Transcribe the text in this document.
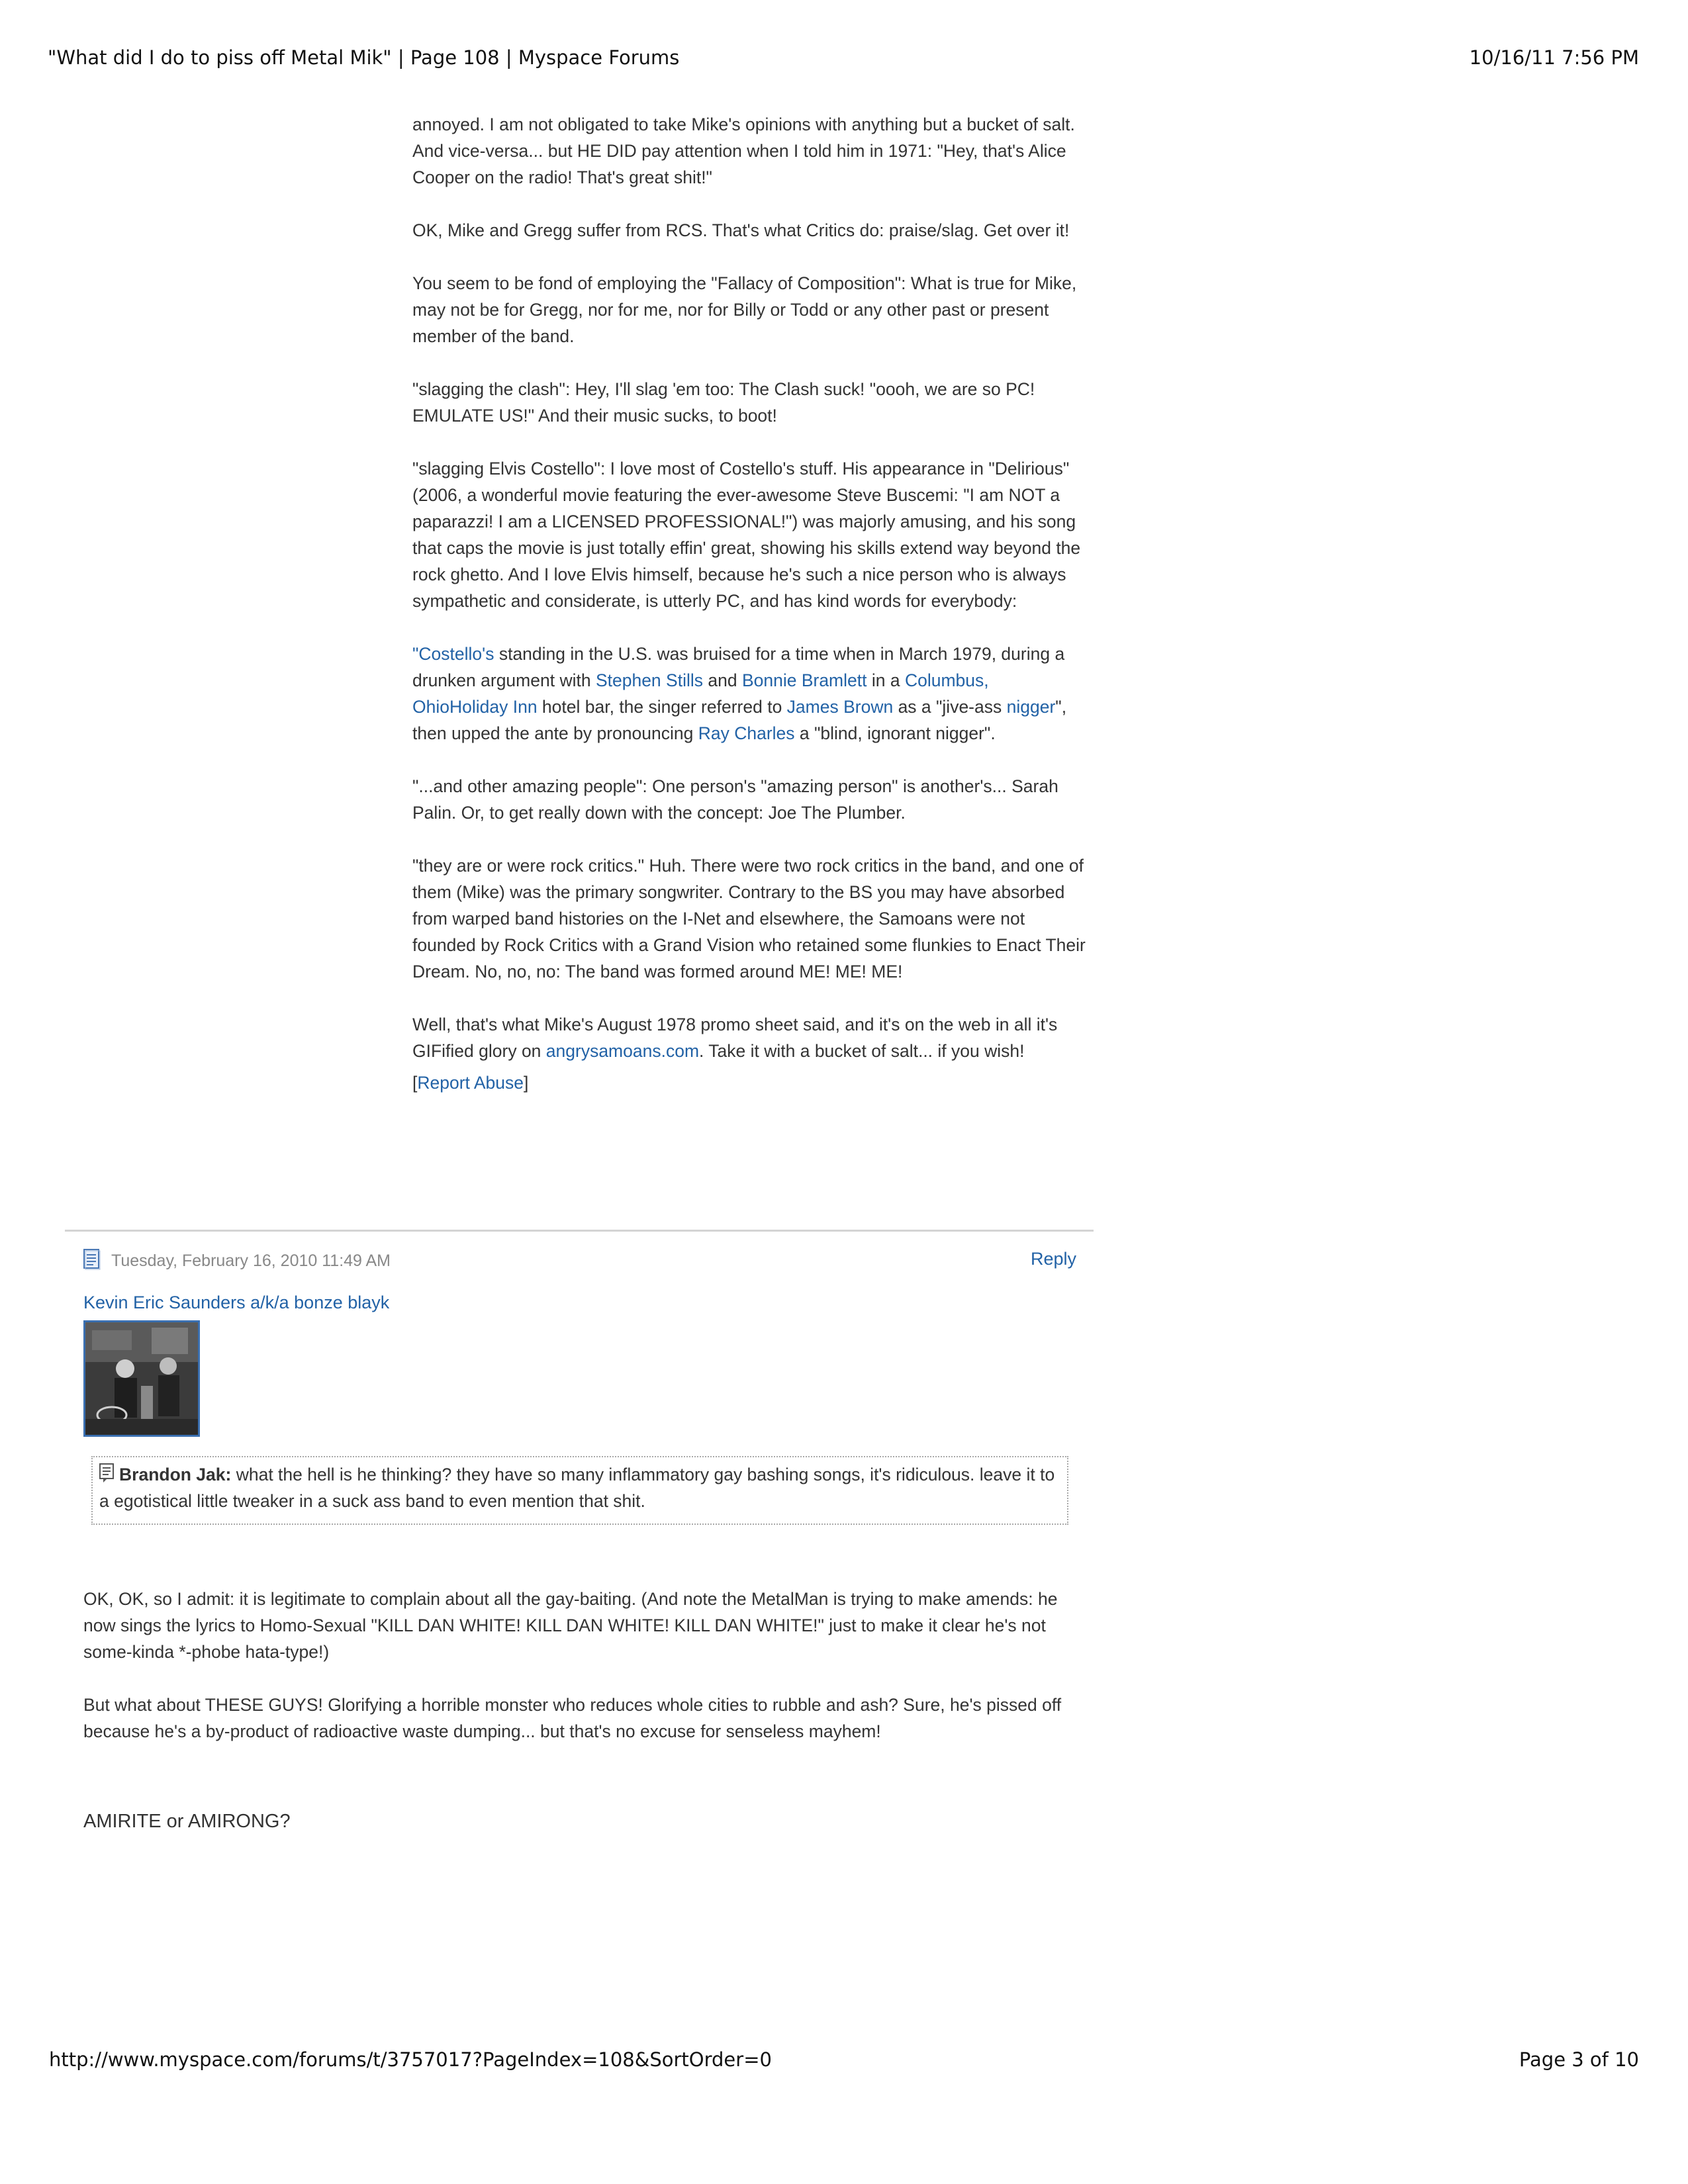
"What did I do to piss off Metal Mik" | Page 108 | Myspace Forums	10/16/11 7:56 PM

annoyed. I am not obligated to take Mike's opinions with anything but a bucket of salt. And vice-versa... but HE DID pay attention when I told him in 1971: "Hey, that's Alice Cooper on the radio! That's great shit!"

OK, Mike and Gregg suffer from RCS. That's what Critics do: praise/slag. Get over it!

You seem to be fond of employing the "Fallacy of Composition": What is true for Mike, may not be for Gregg, nor for me, nor for Billy or Todd or any other past or present member of the band.

"slagging the clash": Hey, I'll slag 'em too: The Clash suck! "oooh, we are so PC! EMULATE US!" And their music sucks, to boot!

"slagging Elvis Costello": I love most of Costello's stuff. His appearance in "Delirious" (2006, a wonderful movie featuring the ever-awesome Steve Buscemi: "I am NOT a paparazzi! I am a LICENSED PROFESSIONAL!") was majorly amusing, and his song that caps the movie is just totally effin' great, showing his skills extend way beyond the rock ghetto. And I love Elvis himself, because he's such a nice person who is always sympathetic and considerate, is utterly PC, and has kind words for everybody:

"Costello's standing in the U.S. was bruised for a time when in March 1979, during a drunken argument with Stephen Stills and Bonnie Bramlett in a Columbus, OhioHoliday Inn hotel bar, the singer referred to James Brown as a "jive-ass nigger", then upped the ante by pronouncing Ray Charles a "blind, ignorant nigger".

"...and other amazing people": One person's "amazing person" is another's... Sarah Palin. Or, to get really down with the concept: Joe The Plumber.

"they are or were rock critics." Huh. There were two rock critics in the band, and one of them (Mike) was the primary songwriter. Contrary to the BS you may have absorbed from warped band histories on the I-Net and elsewhere, the Samoans were not founded by Rock Critics with a Grand Vision who retained some flunkies to Enact Their Dream. No, no, no: The band was formed around ME! ME! ME!

Well, that's what Mike's August 1978 promo sheet said, and it's on the web in all it's GIFified glory on angrysamoans.com. Take it with a bucket of salt... if you wish!

[Report Abuse]
Tuesday, February 16, 2010 11:49 AM	Reply
Kevin Eric Saunders a/k/a bonze blayk
Brandon Jak: what the hell is he thinking? they have so many inflammatory gay bashing songs, it's ridiculous. leave it to a egotistical little tweaker in a suck ass band to even mention that shit.

OK, OK, so I admit: it is legitimate to complain about all the gay-baiting. (And note the MetalMan is trying to make amends: he now sings the lyrics to Homo-Sexual "KILL DAN WHITE! KILL DAN WHITE! KILL DAN WHITE!" just to make it clear he's not some-kinda *-phobe hata-type!)

But what about THESE GUYS! Glorifying a horrible monster who reduces whole cities to rubble and ash? Sure, he's pissed off because he's a by-product of radioactive waste dumping... but that's no excuse for senseless mayhem!

AMIRITE or AMIRONG?
http://www.myspace.com/forums/t/3757017?PageIndex=108&SortOrder=0	Page 3 of 10
